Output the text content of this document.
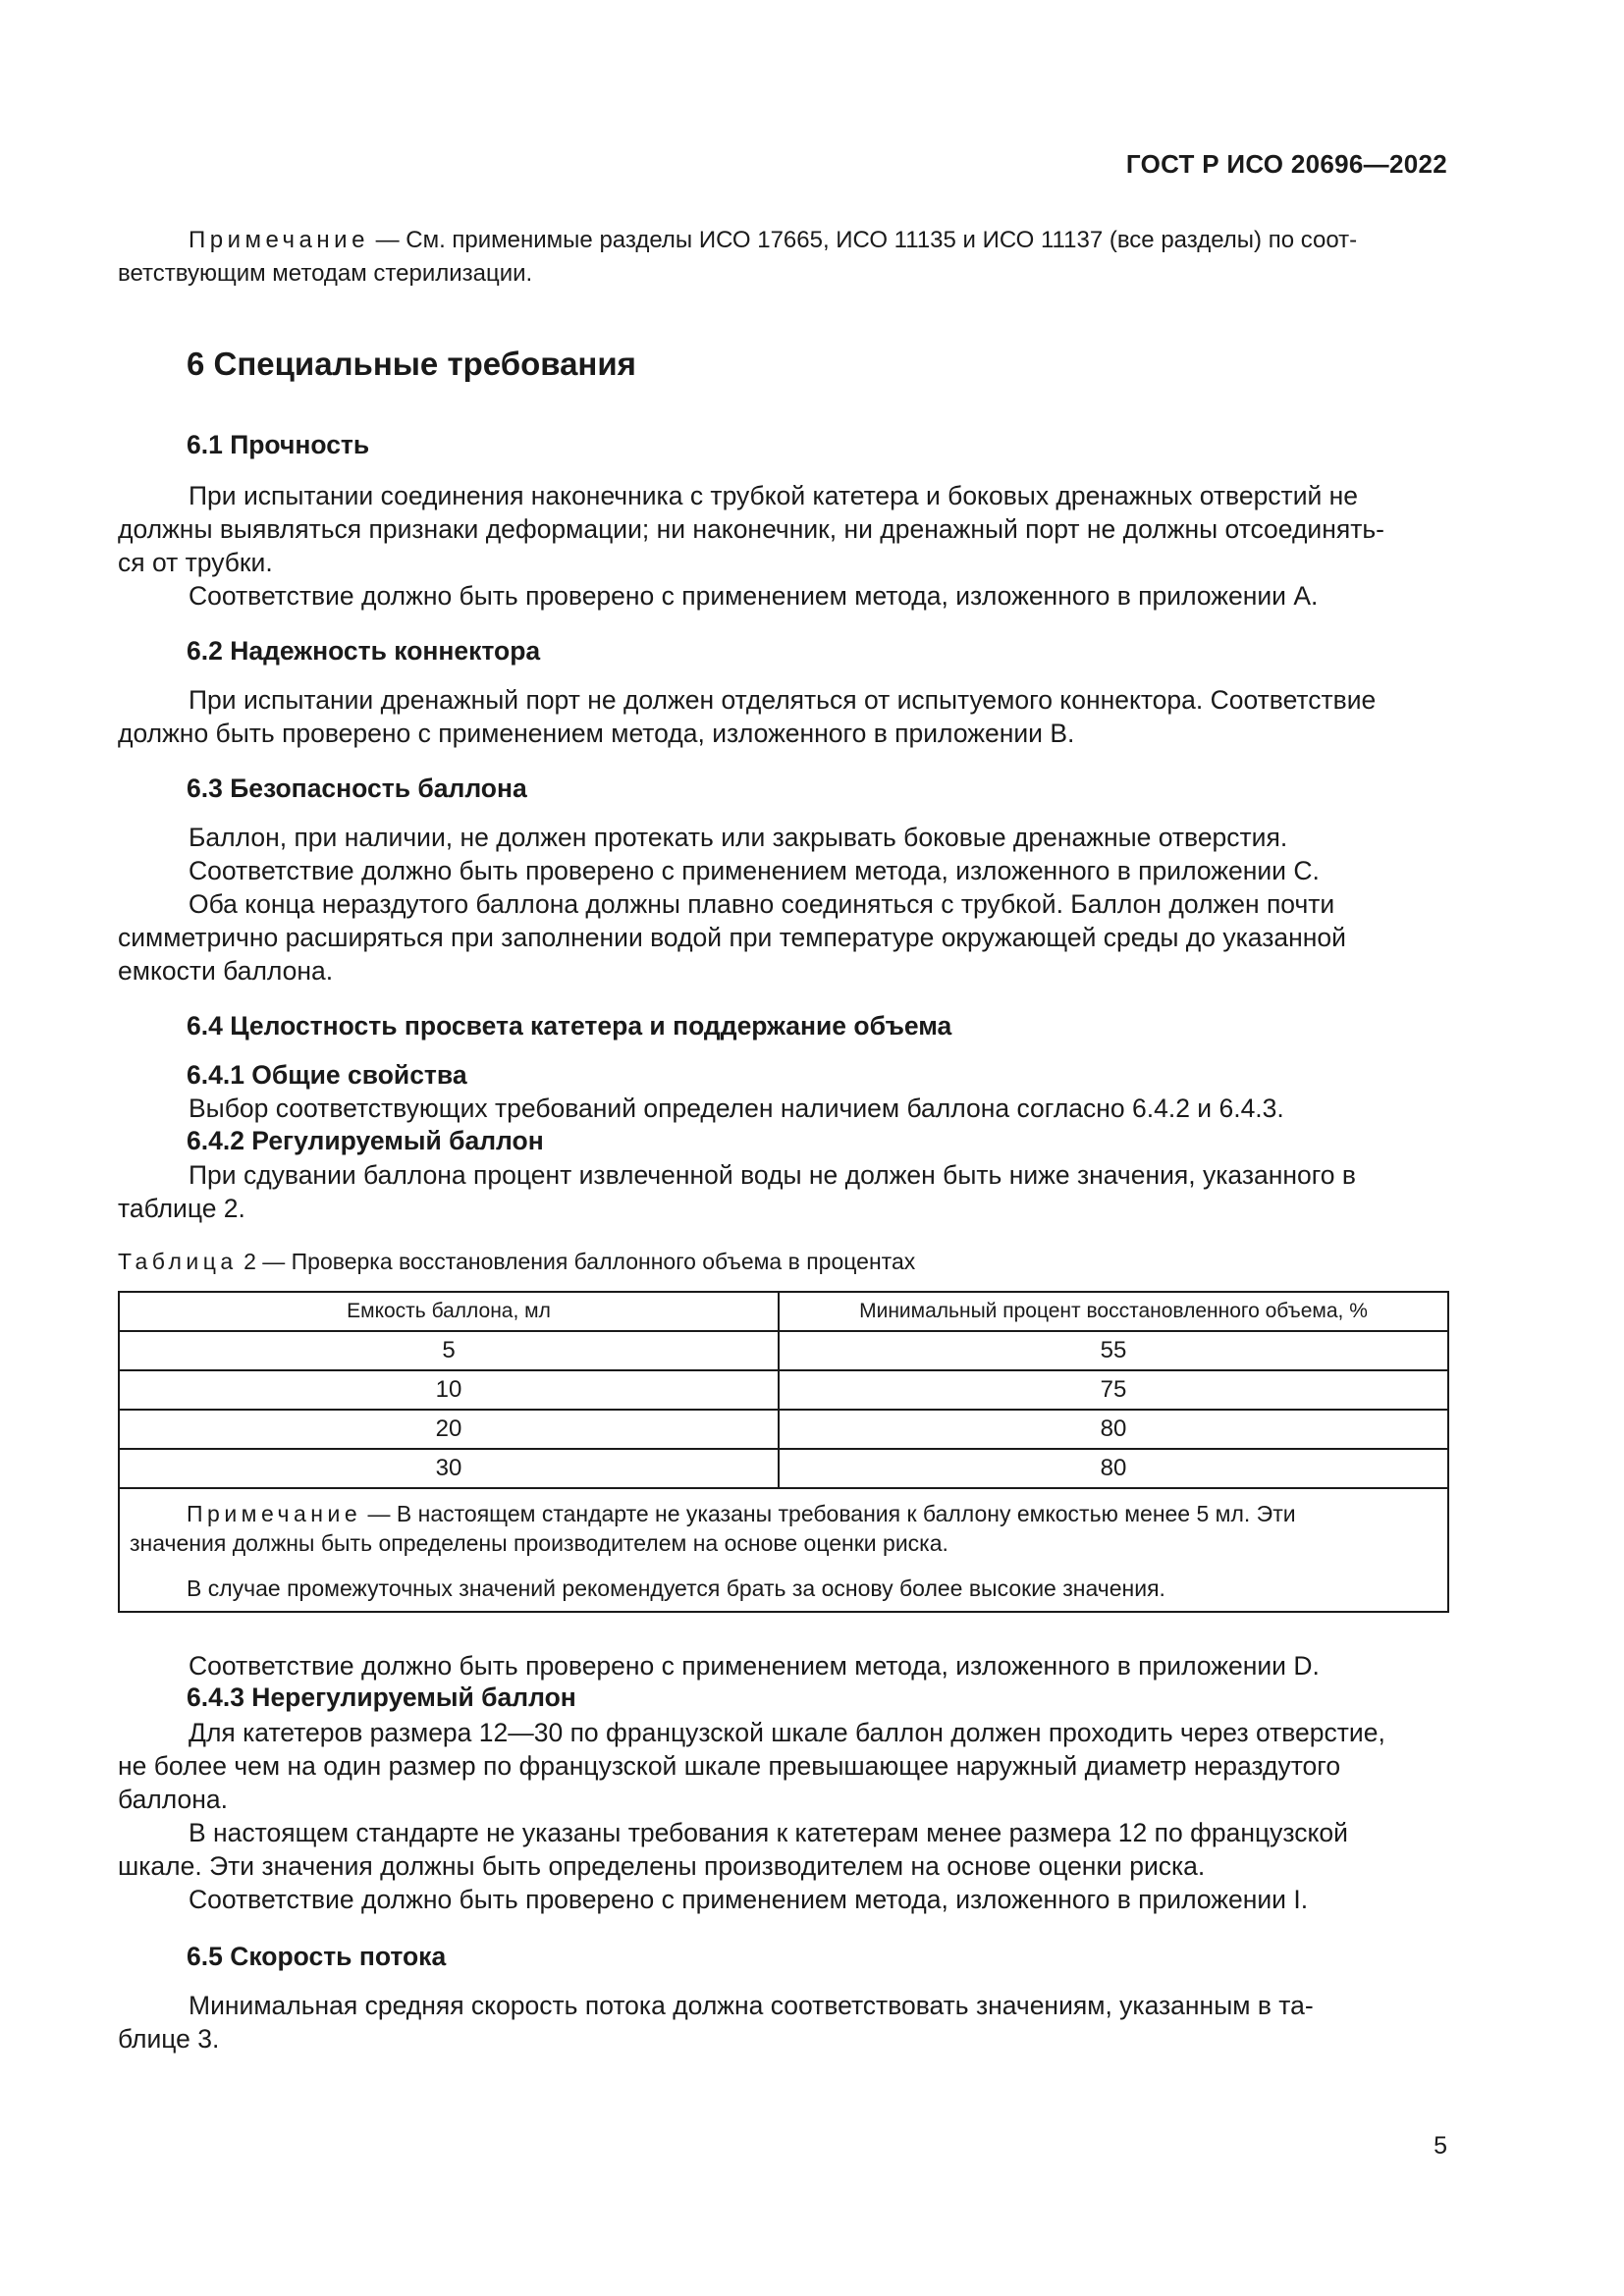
ГОСТ Р ИСО 20696—2022
Примечание — См. применимые разделы ИСО 17665, ИСО 11135 и ИСО 11137 (все разделы) по соот-
ветствующим методам стерилизации.
6 Специальные требования
6.1 Прочность
При испытании соединения наконечника с трубкой катетера и боковых дренажных отверстий не
должны выявляться признаки деформации; ни наконечник, ни дренажный порт не должны отсоединять-
ся от трубки.
Соответствие должно быть проверено с применением метода, изложенного в приложении А.
6.2 Надежность коннектора
При испытании дренажный порт не должен отделяться от испытуемого коннектора. Соответствие
должно быть проверено с применением метода, изложенного в приложении В.
6.3 Безопасность баллона
Баллон, при наличии, не должен протекать или закрывать боковые дренажные отверстия.
Соответствие должно быть проверено с применением метода, изложенного в приложении С.
Оба конца нераздутого баллона должны плавно соединяться с трубкой. Баллон должен почти
симметрично расширяться при заполнении водой при температуре окружающей среды до указанной
емкости баллона.
6.4 Целостность просвета катетера и поддержание объема
6.4.1 Общие свойства
Выбор соответствующих требований определен наличием баллона согласно 6.4.2 и 6.4.3.
6.4.2 Регулируемый баллон
При сдувании баллона процент извлеченной воды не должен быть ниже значения, указанного в
таблице 2.
Таблица 2 — Проверка восстановления баллонного объема в процентах
Емкость баллона, мл	Минимальный процент восстановленного объема, %
5	55
10	75
20	80
30	80

Примечание — В настоящем стандарте не указаны требования к баллону емкостью менее 5 мл. Эти
значения должны быть определены производителем на основе оценки риска.
В случае промежуточных значений рекомендуется брать за основу более высокие значения.	
Соответствие должно быть проверено с применением метода, изложенного в приложении D.
6.4.3 Нерегулируемый баллон
Для катетеров размера 12—30 по французской шкале баллон должен проходить через отверстие,
не более чем на один размер по французской шкале превышающее наружный диаметр нераздутого
баллона.
В настоящем стандарте не указаны требования к катетерам менее размера 12 по французской
шкале. Эти значения должны быть определены производителем на основе оценки риска.
Соответствие должно быть проверено с применением метода, изложенного в приложении I.
6.5 Скорость потока
Минимальная средняя скорость потока должна соответствовать значениям, указанным в та-
блице 3.
5
